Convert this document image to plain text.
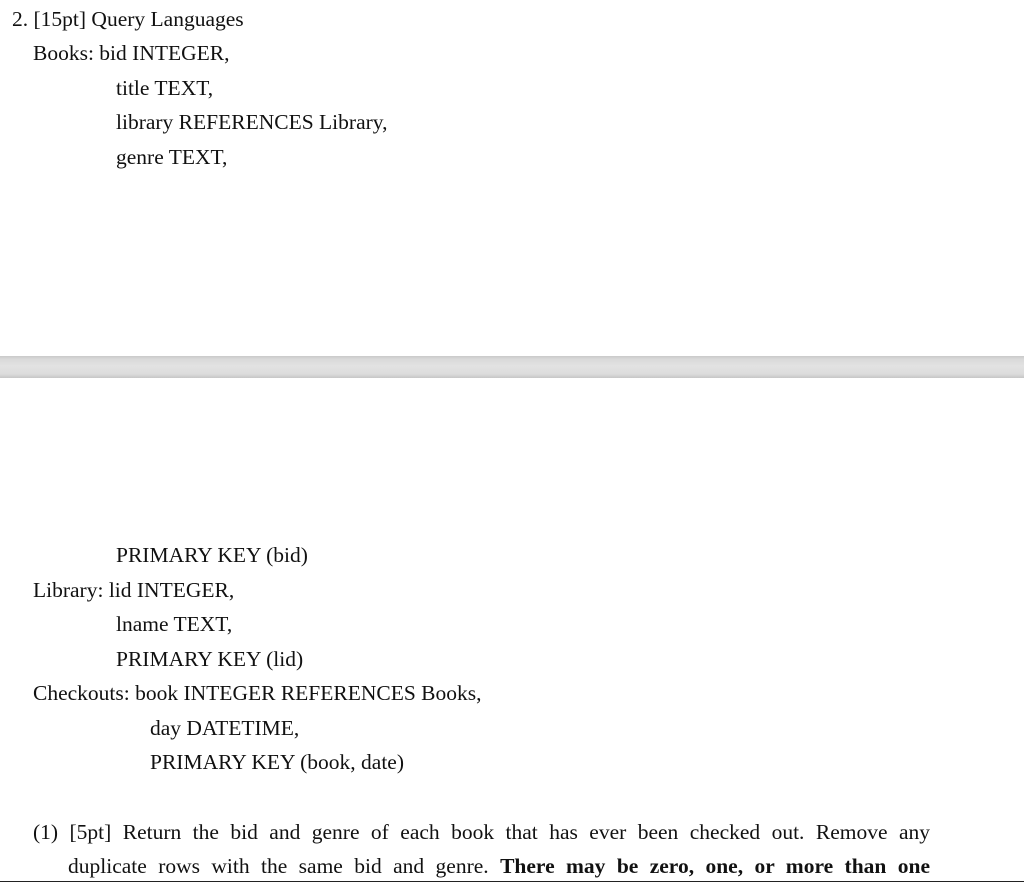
2. [15pt] Query Languages
Books: bid INTEGER,
title TEXT,
library REFERENCES Library,
genre TEXT,
PRIMARY KEY (bid)
Library: lid INTEGER,
lname TEXT,
PRIMARY KEY (lid)
Checkouts: book INTEGER REFERENCES Books,
day DATETIME,
PRIMARY KEY (book, date)
(1) [5pt] Return the bid and genre of each book that has ever been checked out. Remove any
duplicate rows with the same bid and genre. There may be zero, one, or more than one
